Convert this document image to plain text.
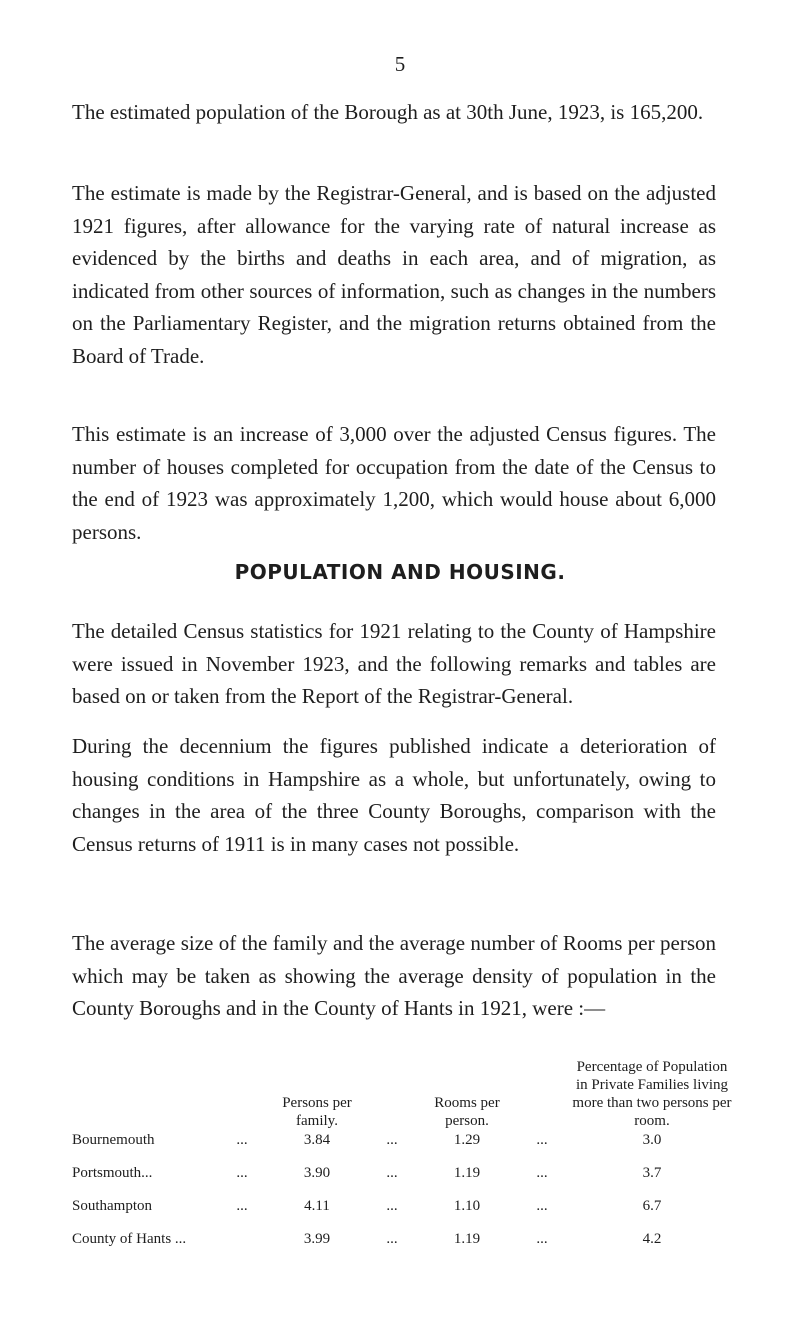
5

The estimated population of the Borough as at 30th June, 1923, is 165,200.

The estimate is made by the Registrar-General, and is based on the adjusted 1921 figures, after allowance for the varying rate of natural increase as evidenced by the births and deaths in each area, and of migration, as indicated from other sources of information, such as changes in the numbers on the Parliamentary Register, and the migration returns obtained from the Board of Trade.

This estimate is an increase of 3,000 over the adjusted Census figures. The number of houses completed for occupation from the date of the Census to the end of 1923 was approximately 1,200, which would house about 6,000 persons.

POPULATION AND HOUSING.

The detailed Census statistics for 1921 relating to the County of Hampshire were issued in November 1923, and the following remarks and tables are based on or taken from the Report of the Registrar-General.

During the decennium the figures published indicate a deterioration of housing conditions in Hampshire as a whole, but unfortunately, owing to changes in the area of the three County Boroughs, comparison with the Census returns of 1911 is in many cases not possible.

The average size of the family and the average number of Rooms per person which may be taken as showing the average density of population in the County Boroughs and in the County of Hants in 1921, were :—

		Persons per family.		Rooms per person.		Percentage of Population
in Private Families living
more than two persons per
room.

Bournemouth	...	3.84	...	1.29	...	3.0
Portsmouth...	...	3.90	...	1.19	...	3.7
Southampton	...	4.11	...	1.10	...	6.7
County of Hants ...		3.99	...	1.19	...	4.2
